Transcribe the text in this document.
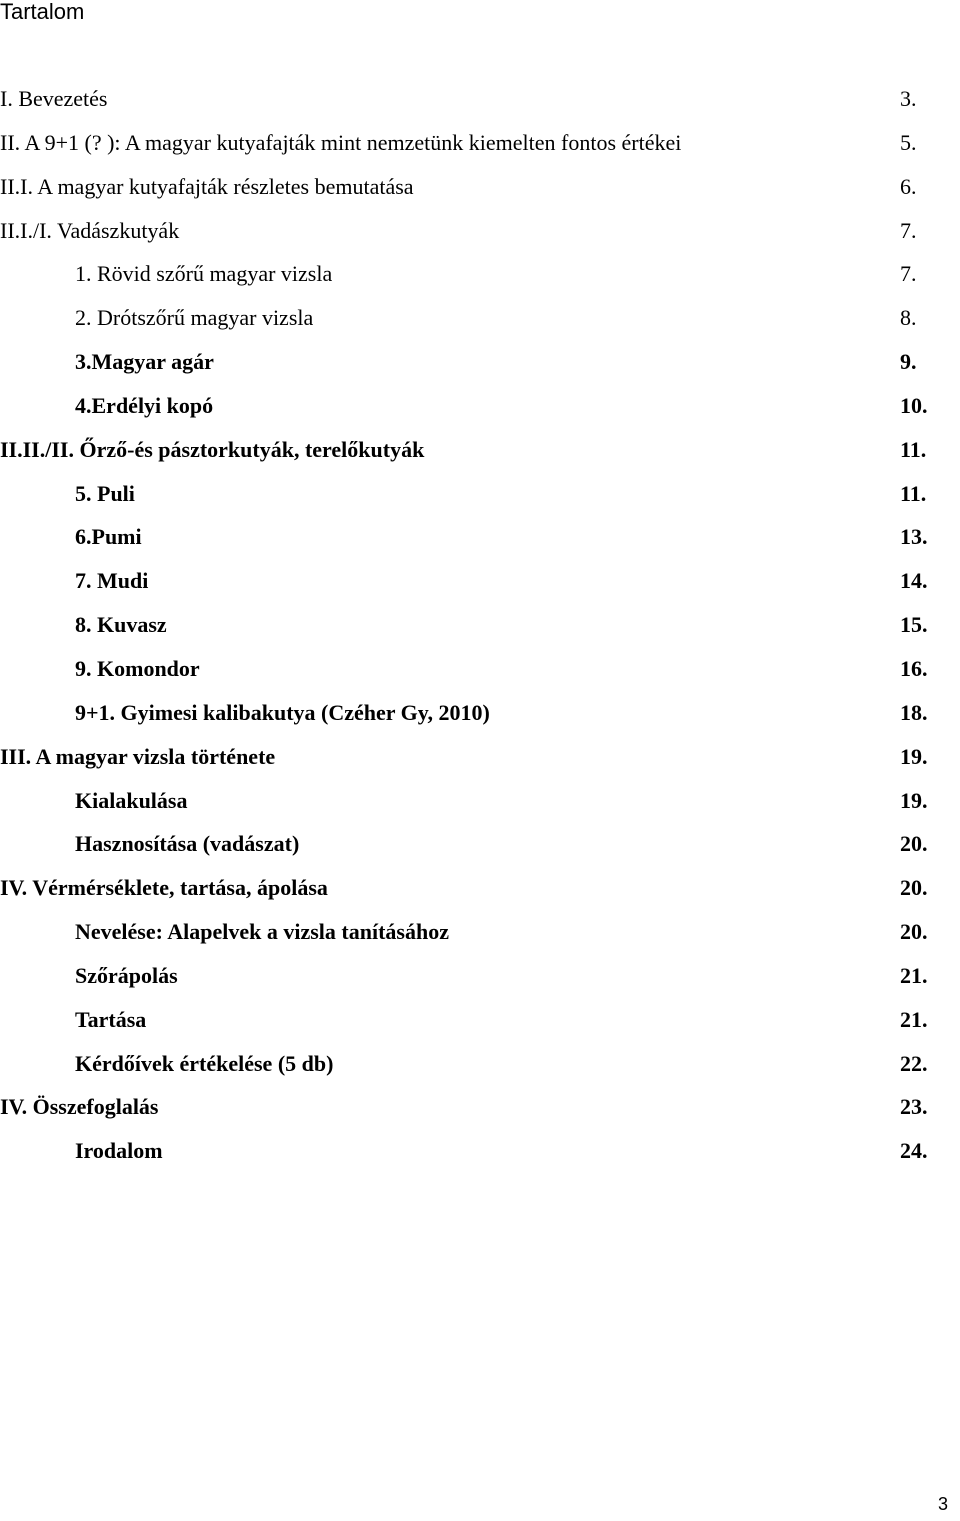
Tartalom
I. Bevezetés	3.
II. A 9+1 (? ): A magyar kutyafajták mint nemzetünk kiemelten fontos értékei	5.
II.I. A magyar kutyafajták részletes bemutatása	6.
II.I./I. Vadászkutyák	7.
1. Rövid szőrű magyar vizsla	7.
2. Drótszőrű magyar vizsla	8.
3.Magyar agár	9.
4.Erdélyi kopó	10.
II.II./II. Őrző-és pásztorkutyák, terelőkutyák	11.
5. Puli	11.
6.Pumi	13.
7. Mudi	14.
8. Kuvasz	15.
9. Komondor	16.
9+1. Gyimesi kalibakutya (Czéher Gy, 2010)	18.
III. A magyar vizsla története	19.
Kialakulása	19.
Hasznosítása (vadászat)	20.
IV. Vérmérséklete, tartása, ápolása	20.
Nevelése: Alapelvek a vizsla tanításához	20.
Szőrápolás	21.
Tartása	21.
Kérdőívek értékelése (5 db)	22.
IV. Összefoglalás	23.
Irodalom	24.
3
